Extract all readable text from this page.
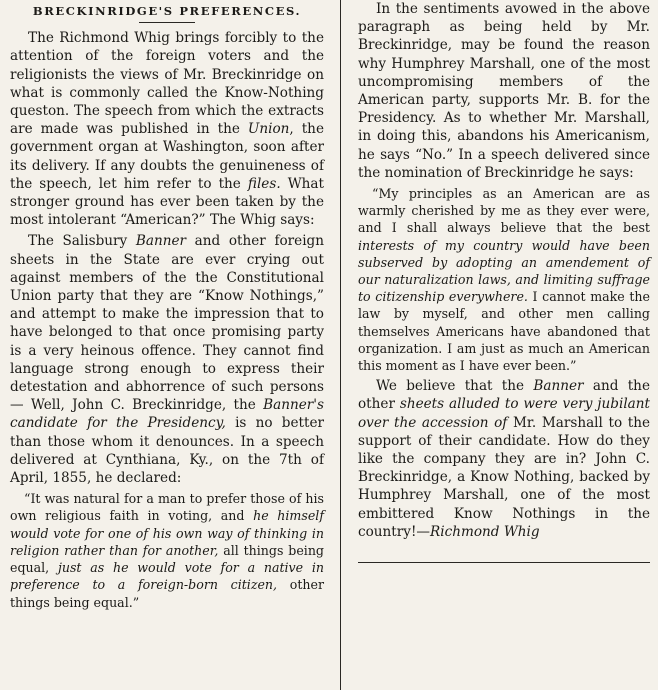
BRECKINRIDGE'S PREFERENCES.

The Richmond Whig brings forcibly to the attention of the foreign voters and the religionists the views of Mr. Breckinridge on what is commonly called the Know-Nothing queston. The speech from which the extracts are made was published in the Union, the government organ at Washington, soon after its delivery. If any doubts the genuineness of the speech, let him refer to the files. What stronger ground has ever been taken by the most intolerant “American?” The Whig says:

The Salisbury Banner and other foreign sheets in the State are ever crying out against members of the the Constitutional Union party that they are “Know Nothings,” and attempt to make the impression that to have belonged to that once promising party is a very heinous offence. They cannot find language strong enough to express their detestation and abhorrence of such persons — Well, John C. Breckinridge, the Banner's candidate for the Presidency, is no better than those whom it denounces. In a speech delivered at Cynthiana, Ky., on the 7th of April, 1855, he declared:

“It was natural for a man to prefer those of his own religious faith in voting, and he himself would vote for one of his own way of thinking in religion rather than for another, all things being equal, just as he would vote for a native in preference to a foreign-born citizen, other things being equal.”

In the sentiments avowed in the above paragraph as being held by Mr. Breckinridge, may be found the reason why Humphrey Marshall, one of the most uncompromising members of the American party, supports Mr. B. for the Presidency. As to whether Mr. Marshall, in doing this, abandons his Americanism, he says “No.” In a speech delivered since the nomination of Breckinridge he says:

“My principles as an American are as warmly cherished by me as they ever were, and I shall always believe that the best interests of my country would have been subserved by adopting an amendement of our naturalization laws, and limiting suffrage to citizenship everywhere. I cannot make the law by myself, and other men calling themselves Americans have abandoned that organization. I am just as much an American this moment as I have ever been.”

We believe that the Banner and the other sheets alluded to were very jubilant over the accession of Mr. Marshall to the support of their candidate. How do they like the company they are in? John C. Breckinridge, a Know Nothing, backed by Humphrey Marshall, one of the most embittered Know Nothings in the country!—Richmond Whig
